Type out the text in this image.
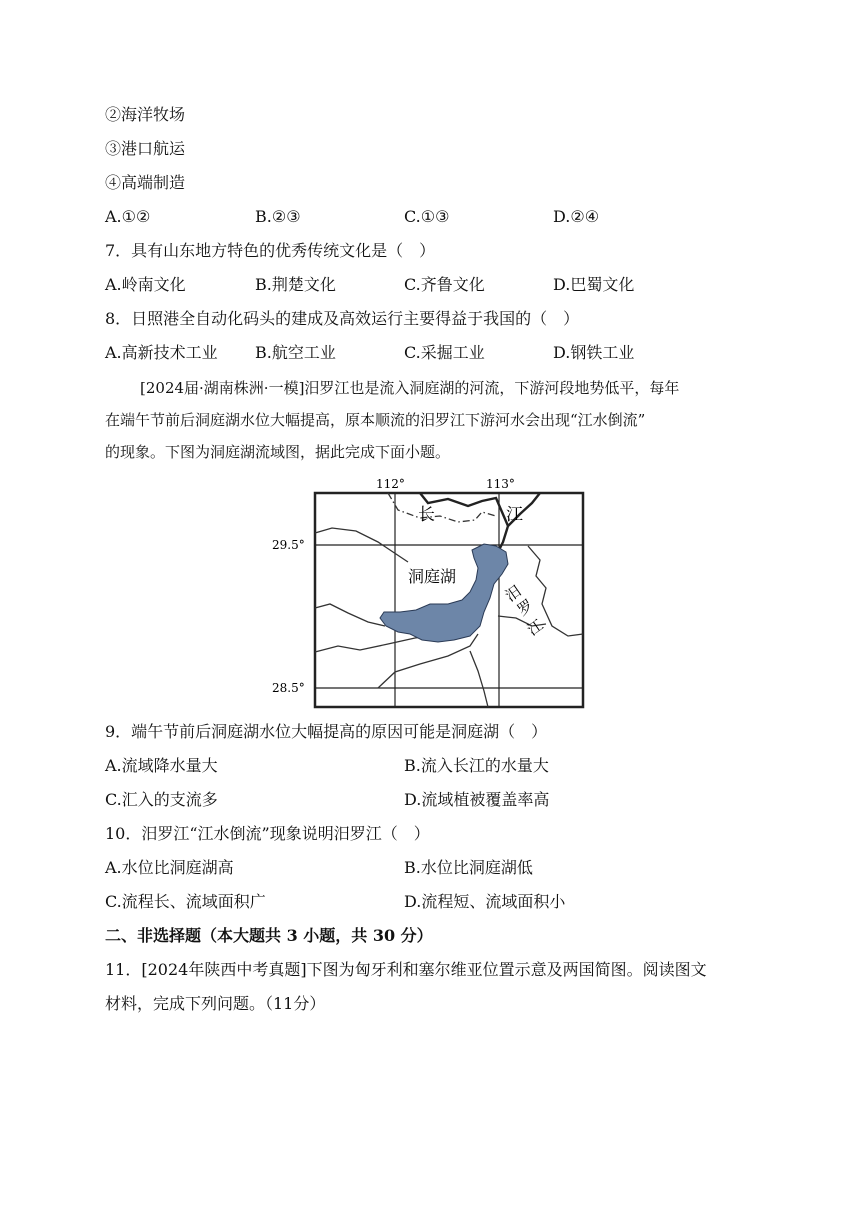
②海洋牧场
③港口航运
④高端制造
A.①②	B.②③	C.①③	D.②④
7．具有山东地方特色的优秀传统文化是（　）
A.岭南文化	B.荆楚文化	C.齐鲁文化	D.巴蜀文化
8．日照港全自动化码头的建成及高效运行主要得益于我国的（　）
A.高新技术工业 B.航空工业	C.采掘工业	D.钢铁工业
[2024届·湖南株洲·一模]汨罗江也是流入洞庭湖的河流，下游河段地势低平，每年
在端午节前后洞庭湖水位大幅提高，原本顺流的汨罗江下游河水会出现“江水倒流”
的现象。下图为洞庭湖流域图，据此完成下面小题。
112°	113°
29.5°
28.5°
长	江
洞庭湖
汨
罗
江
9．端午节前后洞庭湖水位大幅提高的原因可能是洞庭湖（　）
A.流域降水量大	B.流入长江的水量大
C.汇入的支流多	D.流域植被覆盖率高
10．汨罗江“江水倒流”现象说明汨罗江（　）
A.水位比洞庭湖高	B.水位比洞庭湖低
C.流程长、流域面积广	D.流程短、流域面积小
二、非选择题（本大题共 3 小题，共 30 分）
11．[2024年陕西中考真题]下图为匈牙利和塞尔维亚位置示意及两国简图。阅读图文
材料，完成下列问题。（11分）
